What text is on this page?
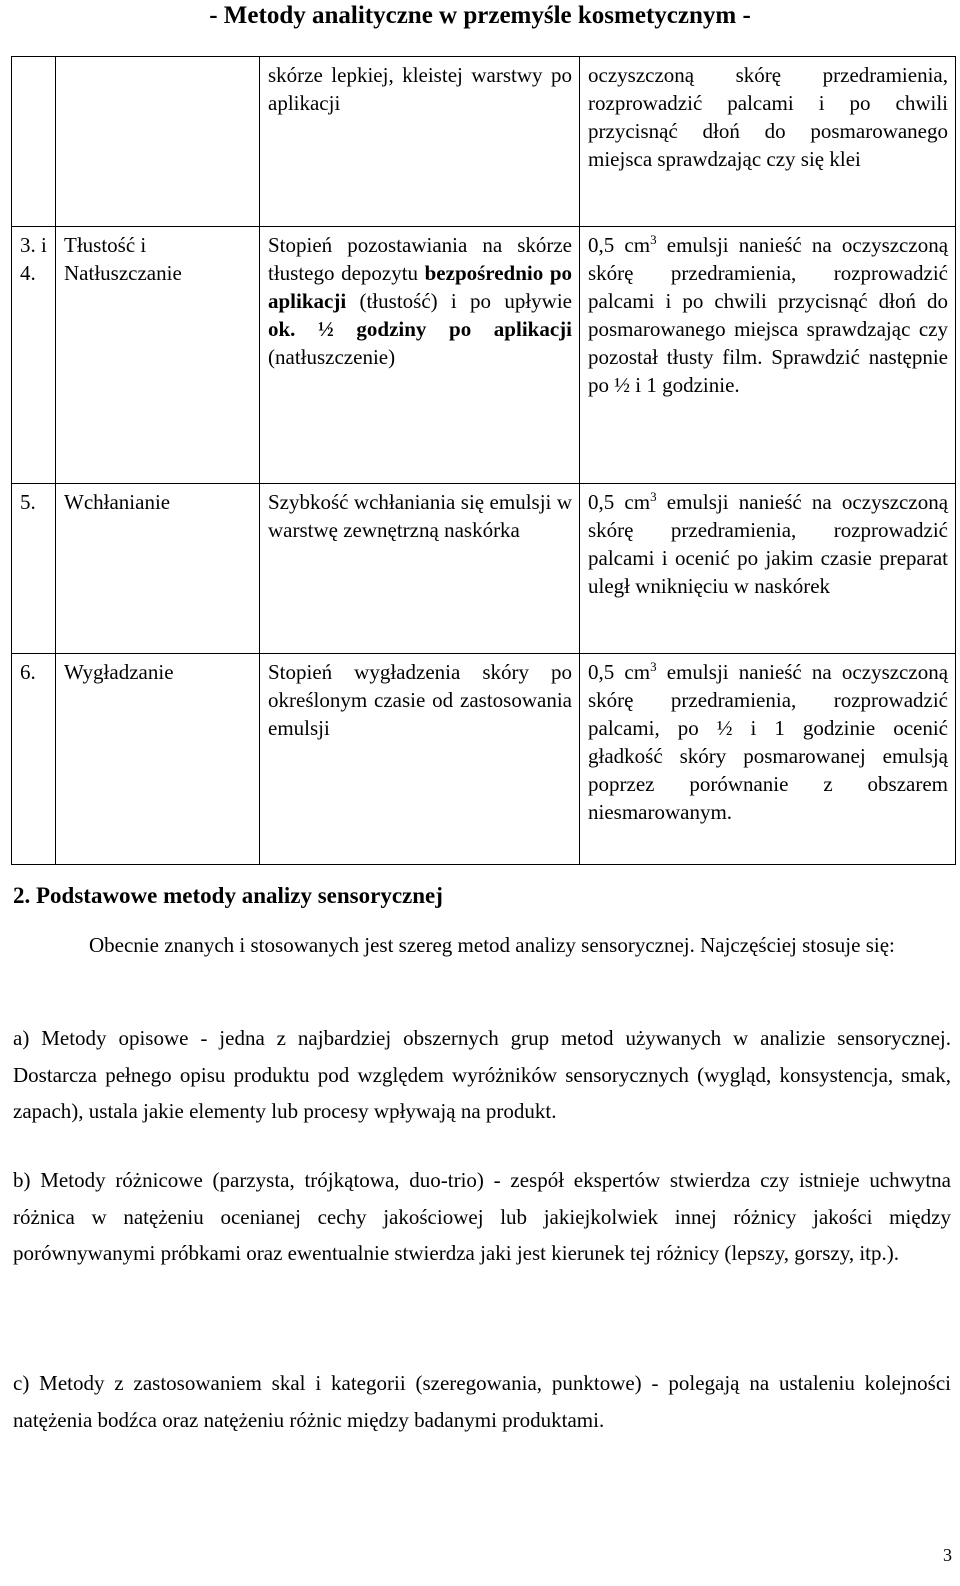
- Metody analityczne w przemyśle kosmetycznym -
		skórze lepkiej, kleistej warstwy po aplikacji	oczyszczoną skórę przedramienia, rozprowadzić palcami i po chwili przycisnąć dłoń do posmarowanego miejsca sprawdzając czy się klei
3. i 4.	Tłustość i Natłuszczanie	Stopień pozostawiania na skórze tłustego depozytu bezpośrednio po aplikacji (tłustość) i po upływie ok. ½ godziny po aplikacji (natłuszczenie)	0,5 $cm^3$ emulsji nanieść na oczyszczoną skórę przedramienia, rozprowadzić palcami i po chwili przycisnąć dłoń do posmarowanego miejsca sprawdzając czy pozostał tłusty film. Sprawdzić następnie po ½ i 1 godzinie.
5.	Wchłanianie	Szybkość wchłaniania się emulsji w warstwę zewnętrzną naskórka	0,5 $cm^3$ emulsji nanieść na oczyszczoną skórę przedramienia, rozprowadzić palcami i ocenić po jakim czasie preparat uległ wniknięciu w naskórek
6.	Wygładzanie	Stopień wygładzenia skóry po określonym czasie od zastosowania emulsji	0,5 $cm^3$ emulsji nanieść na oczyszczoną skórę przedramienia, rozprowadzić palcami, po ½ i 1 godzinie ocenić gładkość skóry posmarowanej emulsją poprzez porównanie z obszarem niesmarowanym.
2. Podstawowe metody analizy sensorycznej

Obecnie znanych i stosowanych jest szereg metod analizy sensorycznej. Najczęściej stosuje się:

a) Metody opisowe - jedna z najbardziej obszernych grup metod używanych w analizie sensorycznej. Dostarcza pełnego opisu produktu pod względem wyróżników sensorycznych (wygląd, konsystencja, smak, zapach), ustala jakie elementy lub procesy wpływają na produkt.

b) Metody różnicowe (parzysta, trójkątowa, duo-trio) - zespół ekspertów stwierdza czy istnieje uchwytna różnica w natężeniu ocenianej cechy jakościowej lub jakiejkolwiek innej różnicy jakości między porównywanymi próbkami oraz ewentualnie stwierdza jaki jest kierunek tej różnicy (lepszy, gorszy, itp.).

c) Metody z zastosowaniem skal i kategorii (szeregowania, punktowe) - polegają na ustaleniu kolejności natężenia bodźca oraz natężeniu różnic między badanymi produktami.

3
